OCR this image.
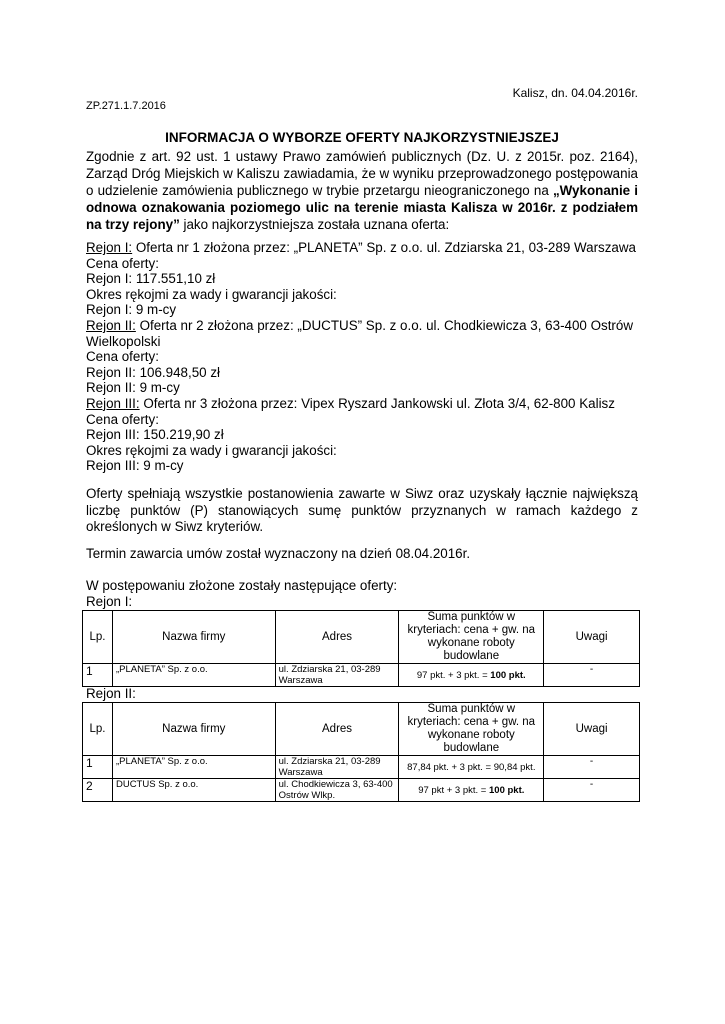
Kalisz, dn. 04.04.2016r.
ZP.271.1.7.2016
INFORMACJA O WYBORZE OFERTY NAJKORZYSTNIEJSZEJ
Zgodnie z art. 92 ust. 1 ustawy Prawo zamówień publicznych (Dz. U. z 2015r. poz. 2164), Zarząd Dróg Miejskich w Kaliszu zawiadamia, że w wyniku przeprowadzonego postępowania o udzielenie zamówienia publicznego w trybie przetargu nieograniczonego na „Wykonanie i odnowa oznakowania poziomego ulic na terenie miasta Kalisza w 2016r. z podziałem na trzy rejony” jako najkorzystniejsza została uznana oferta:
Rejon I: Oferta nr 1 złożona przez: „PLANETA” Sp. z o.o. ul. Zdziarska 21, 03-289 Warszawa
Cena oferty:
Rejon I: 117.551,10 zł
Okres rękojmi za wady i gwarancji jakości:
Rejon I: 9 m-cy
Rejon II: Oferta nr 2 złożona przez: „DUCTUS” Sp. z o.o. ul. Chodkiewicza 3, 63-400 Ostrów Wielkopolski
Cena oferty:
Rejon II: 106.948,50 zł
Rejon II: 9 m-cy
Rejon III: Oferta nr 3 złożona przez: Vipex Ryszard Jankowski ul. Złota 3/4, 62-800 Kalisz
Cena oferty:
Rejon III: 150.219,90 zł
Okres rękojmi za wady i gwarancji jakości:
Rejon III: 9 m-cy
Oferty spełniają wszystkie postanowienia zawarte w Siwz oraz uzyskały łącznie największą liczbę punktów (P) stanowiących sumę punktów przyznanych w ramach każdego z określonych w Siwz kryteriów.
Termin zawarcia umów został wyznaczony na dzień 08.04.2016r.
W postępowaniu złożone zostały następujące oferty:
Rejon I:
Lp.	Nazwa firmy	Adres	Suma punktów w kryteriach: cena + gw. na wykonane roboty budowlane	Uwagi
1	„PLANETA” Sp. z o.o.	ul. Zdziarska 21, 03-289 Warszawa	97 pkt. + 3 pkt. = 100 pkt.	-
Rejon II:
Lp.	Nazwa firmy	Adres	Suma punktów w kryteriach: cena + gw. na wykonane roboty budowlane	Uwagi
1	„PLANETA” Sp. z o.o.	ul. Zdziarska 21, 03-289 Warszawa	87,84 pkt. + 3 pkt. = 90,84 pkt.	-
2	DUCTUS Sp. z o.o.	ul. Chodkiewicza 3, 63-400 Ostrów Wlkp.	97 pkt + 3 pkt. = 100 pkt.	-
